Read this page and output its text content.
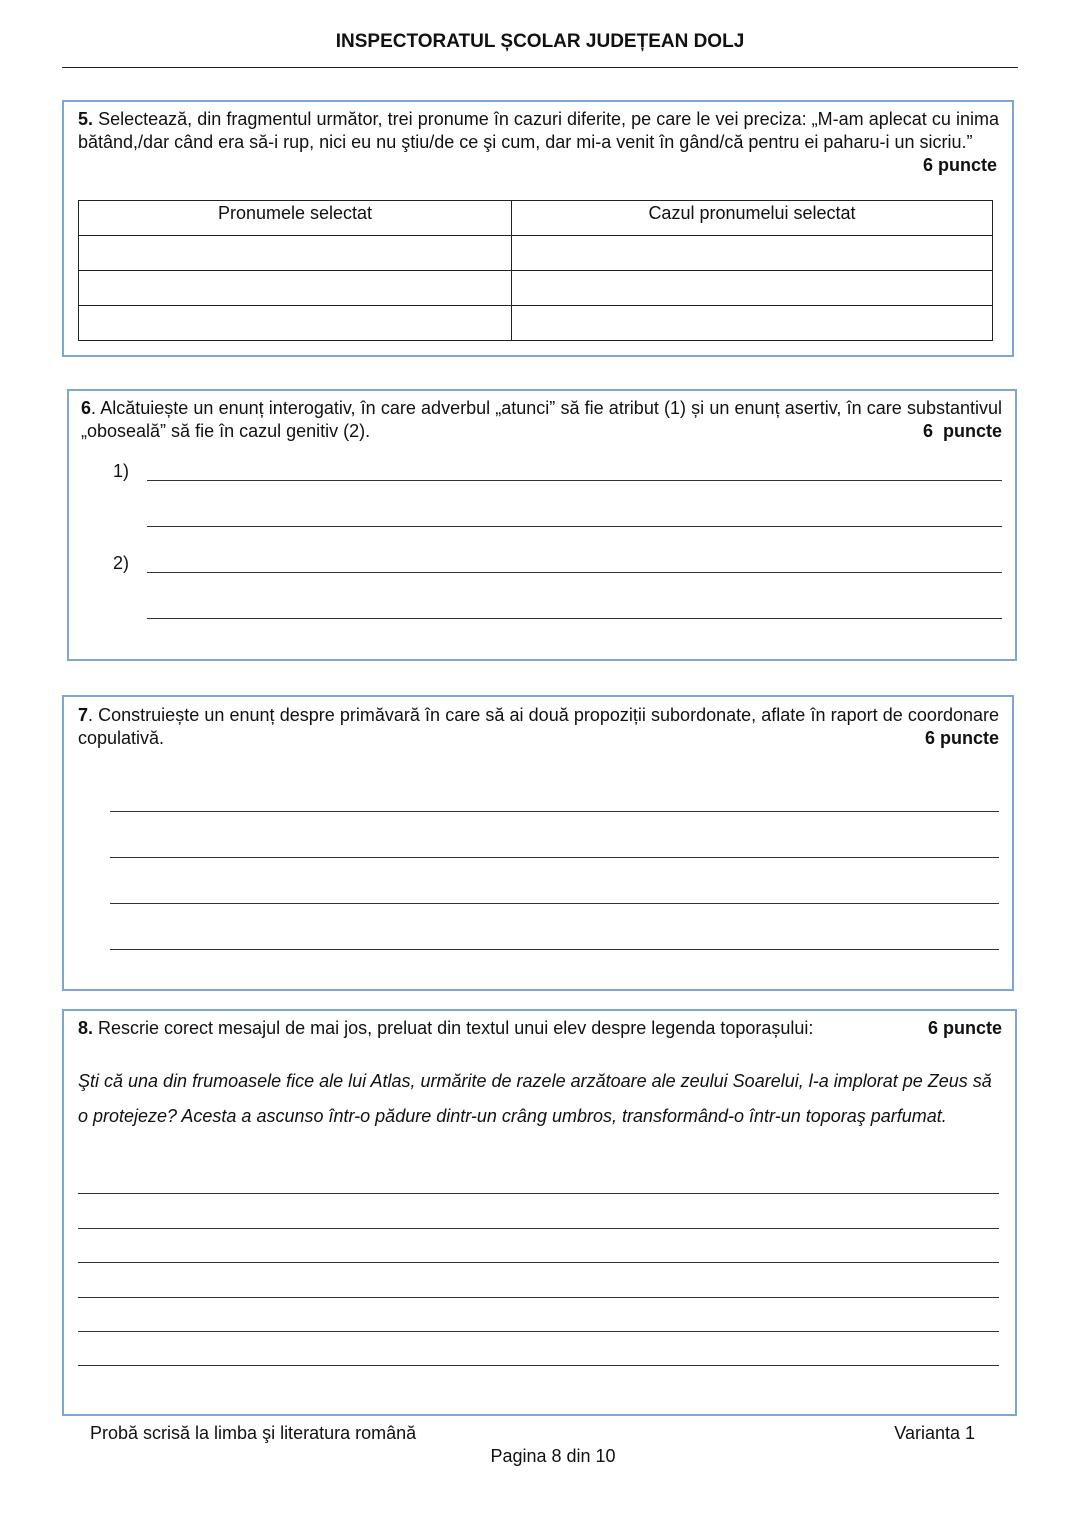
INSPECTORATUL ȘCOLAR JUDEȚEAN DOLJ
5. Selectează, din fragmentul următor, trei pronume în cazuri diferite, pe care le vei preciza: „M-am aplecat cu inima bătând,/dar când era să-i rup, nici eu nu ştiu/de ce şi cum, dar mi-a venit în gând/că pentru ei paharu-i un sicriu.”
6 puncte
Pronumele selectat	Cazul pronumelui selectat

6. Alcătuiește un enunț interogativ, în care adverbul „atunci” să fie atribut (1) și un enunț asertiv, în care substantivul „oboseală” să fie în cazul genitiv (2).	6  puncte
1)
2)
7. Construiește un enunț despre primăvară în care să ai două propoziții subordonate, aflate în raport de coordonare copulativă.	6 puncte
8. Rescrie corect mesajul de mai jos, preluat din textul unui elev despre legenda toporașului:	6 puncte
Şti că una din frumoasele fice ale lui Atlas, urmărite de razele arzătoare ale zeului Soarelui, l-a implorat pe Zeus să o protejeze? Acesta a ascunso într-o pădure dintr-un crâng umbros, transformând-o într-un toporaş parfumat.
Probă scrisă la limba şi literatura română	Varianta 1
Pagina 8 din 10
